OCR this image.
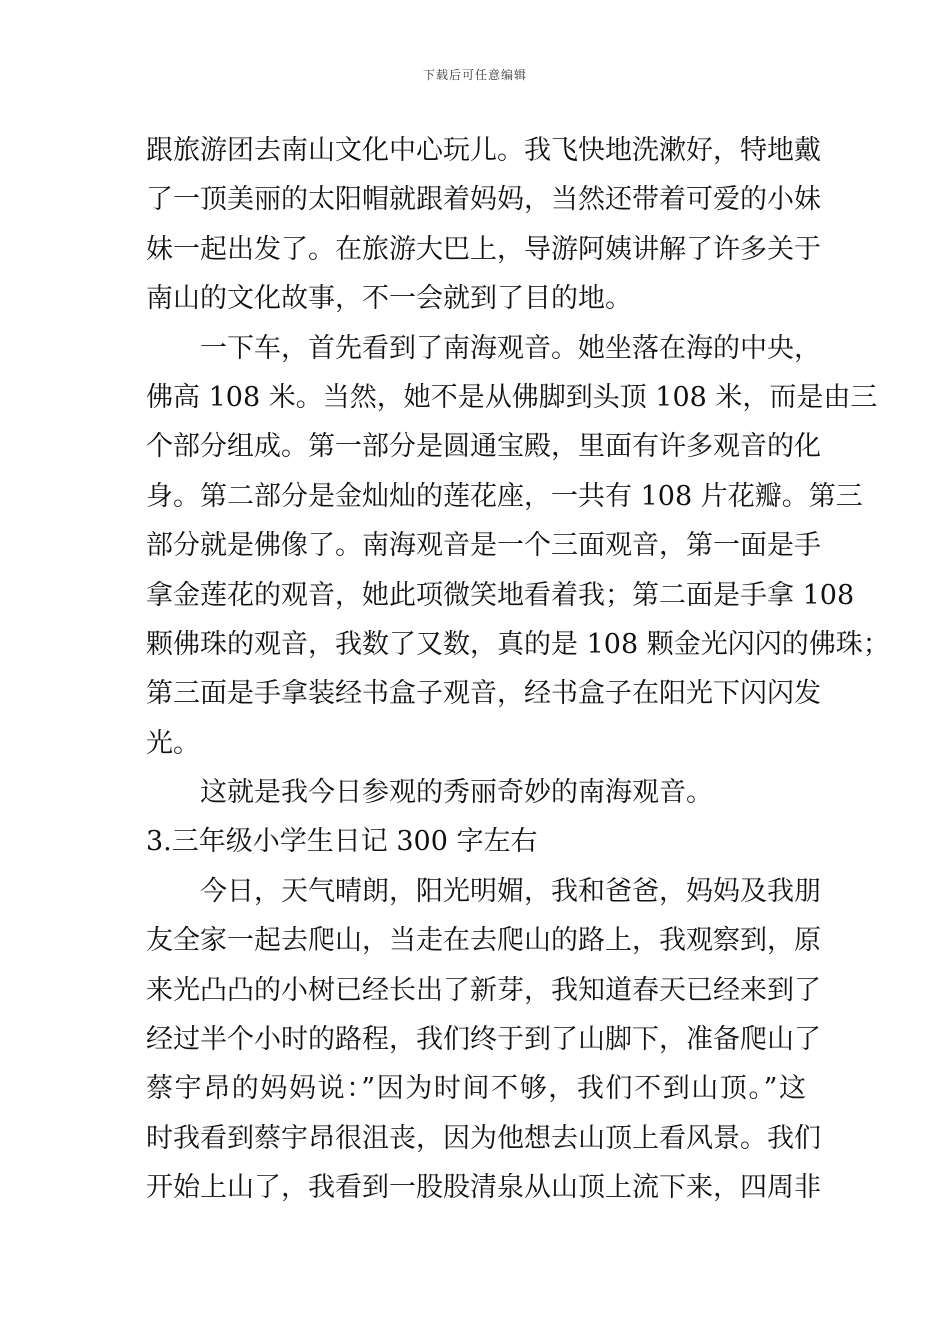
下载后可任意编辑
跟旅游团去南山文化中心玩儿。我飞快地洗漱好，特地戴
了一顶美丽的太阳帽就跟着妈妈，当然还带着可爱的小妹
妹一起出发了。在旅游大巴上，导游阿姨讲解了许多关于
南山的文化故事，不一会就到了目的地。
一下车，首先看到了南海观音。她坐落在海的中央，
佛高 108 米。当然，她不是从佛脚到头顶 108 米，而是由三
个部分组成。第一部分是圆通宝殿，里面有许多观音的化
身。第二部分是金灿灿的莲花座，一共有 108 片花瓣。第三
部分就是佛像了。南海观音是一个三面观音，第一面是手
拿金莲花的观音，她此项微笑地看着我；第二面是手拿 108
颗佛珠的观音，我数了又数，真的是 108 颗金光闪闪的佛珠；
第三面是手拿装经书盒子观音，经书盒子在阳光下闪闪发
光。
这就是我今日参观的秀丽奇妙的南海观音。
3.三年级小学生日记 300 字左右
今日，天气晴朗，阳光明媚，我和爸爸，妈妈及我朋
友全家一起去爬山，当走在去爬山的路上，我观察到，原
来光凸凸的小树已经长出了新芽，我知道春天已经来到了
经过半个小时的路程，我们终于到了山脚下，准备爬山了
蔡宇昂的妈妈说：”因为时间不够，我们不到山顶。”这
时我看到蔡宇昂很沮丧，因为他想去山顶上看风景。我们
开始上山了，我看到一股股清泉从山顶上流下来，四周非
